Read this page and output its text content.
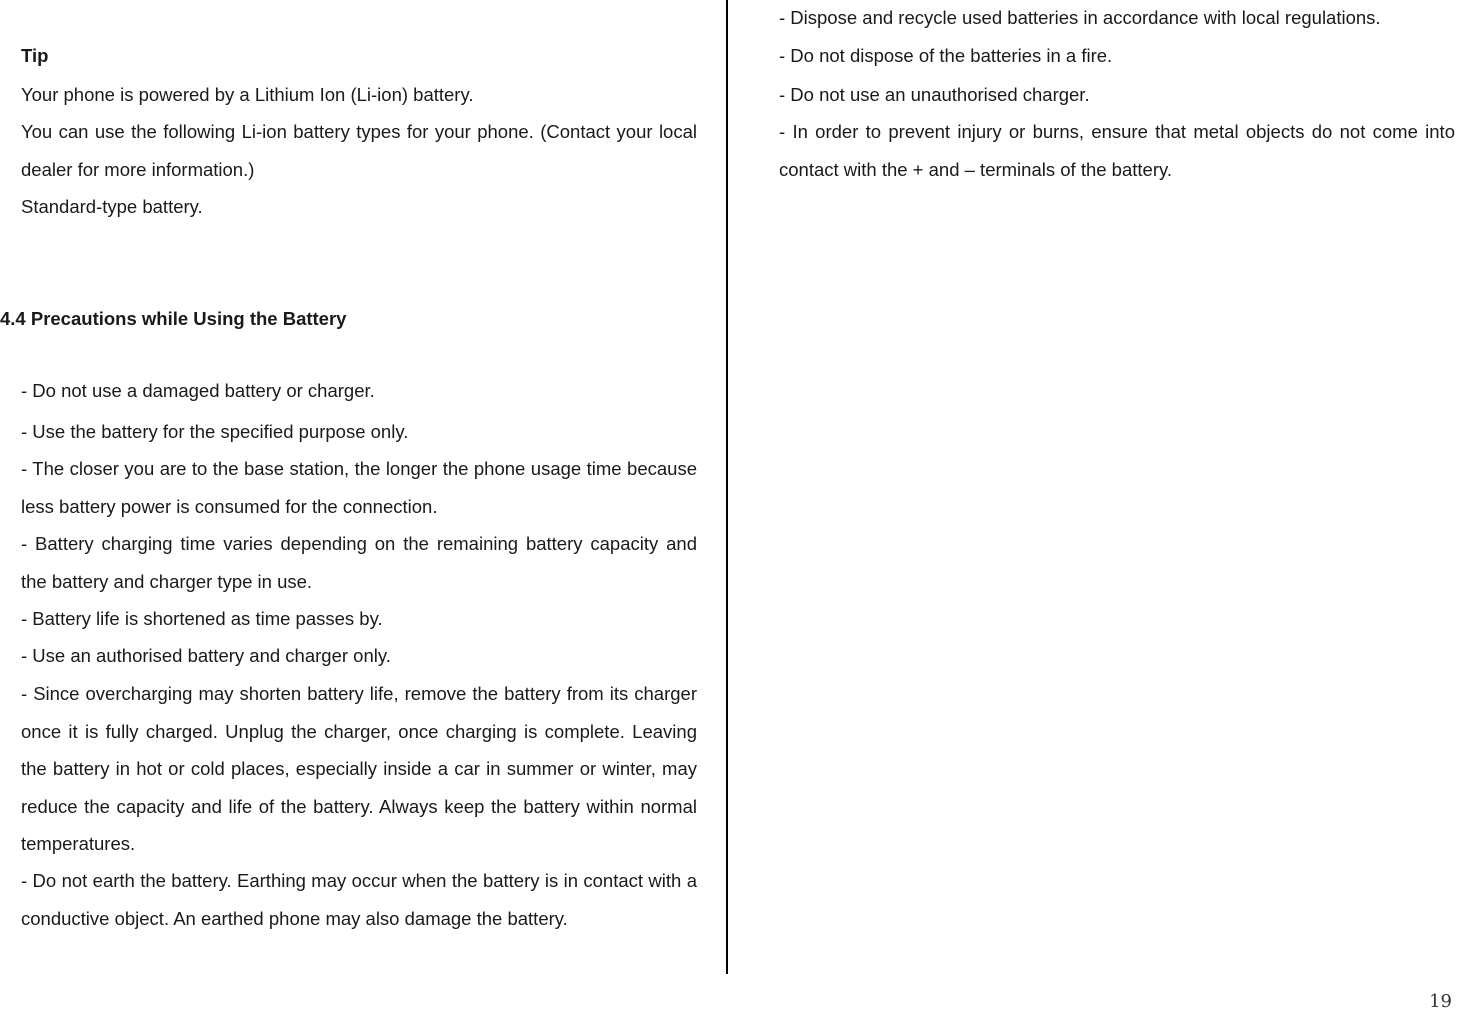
Tip
Your phone is powered by a Lithium Ion (Li-ion) battery.
You can use the following Li-ion battery types for your phone. (Contact your local dealer for more information.)
Standard-type battery.
- Do not use a damaged battery or charger.
- Use the battery for the specified purpose only.
- The closer you are to the base station, the longer the phone usage time because less battery power is consumed for the connection.
- Battery charging time varies depending on the remaining battery capacity and the battery and charger type in use.
- Battery life is shortened as time passes by.
- Use an authorised battery and charger only.
- Since overcharging may shorten battery life, remove the battery from its charger once it is fully charged. Unplug the charger, once charging is complete. Leaving the battery in hot or cold places, especially inside a car in summer or winter, may reduce the capacity and life of the battery. Always keep the battery within normal temperatures.
- Do not earth the battery. Earthing may occur when the battery is in contact with a conductive object. An earthed phone may also damage the battery.
4.4 Precautions while Using the Battery
- Dispose and recycle used batteries in accordance with local regulations.
- Do not dispose of the batteries in a fire.
- Do not use an unauthorised charger.
- In order to prevent injury or burns, ensure that metal objects do not come into contact with the + and – terminals of the battery.
19
